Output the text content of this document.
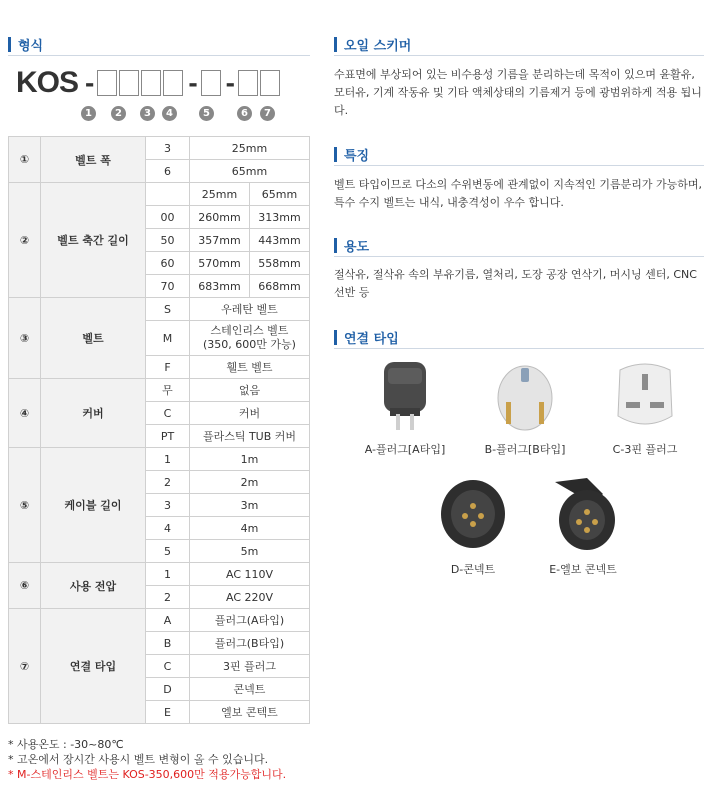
형식
KOS -	- -
1	2	3	4	5	6	7
①	벨트 폭	3	25mm	
		6	65mm	
②	벨트 축간 길이		25mm	65mm
		00	260mm	313mm
		50	357mm	443mm
		60	570mm	558mm
		70	683mm	668mm
③	벨트	S	우레탄 벨트	
		M	스테인리스 벨트
(350, 600만 가능)	
		F	휄트 벨트	
④	커버	무	없음	
		C	커버	
		PT	플라스틱 TUB 커버	
⑤	케이블 길이	1	1m	
		2	2m	
		3	3m	
		4	4m	
		5	5m	
⑥	사용 전압	1	AC 110V	
		2	AC 220V	
⑦	연결 타입	A	플러그(A타입)	
		B	플러그(B타입)	
		C	3핀 플러그	
		D	콘넥트	
		E	엘보 콘텍트	
* 사용온도 : -30~80℃
* 고온에서 장시간 사용시 벨트 변형이 올 수 있습니다.
* M-스테인리스 벨트는 KOS-350,600만 적용가능합니다.
오일 스키머
수표면에 부상되어 있는 비수용성 기름을 분리하는데 목적이 있으며 윤활유, 모터유, 기계 작동유 및 기타 액체상태의 기름제거 등에 광범위하게 적용 됩니다.
특징
벨트 타입이므로 다소의 수위변동에 관계없이 지속적인 기름분리가 가능하며, 특수 수지 벨트는 내식, 내충격성이 우수 합니다.
용도
절삭유, 절삭유 속의 부유기름, 열처리, 도장 공장 연삭기, 머시닝 센터, CNC선반 등
연결 타입
A-플러그[A타입]	B-플러그[B타입]	C-3핀 플러그
D-콘넥트	E-엘보 콘넥트
